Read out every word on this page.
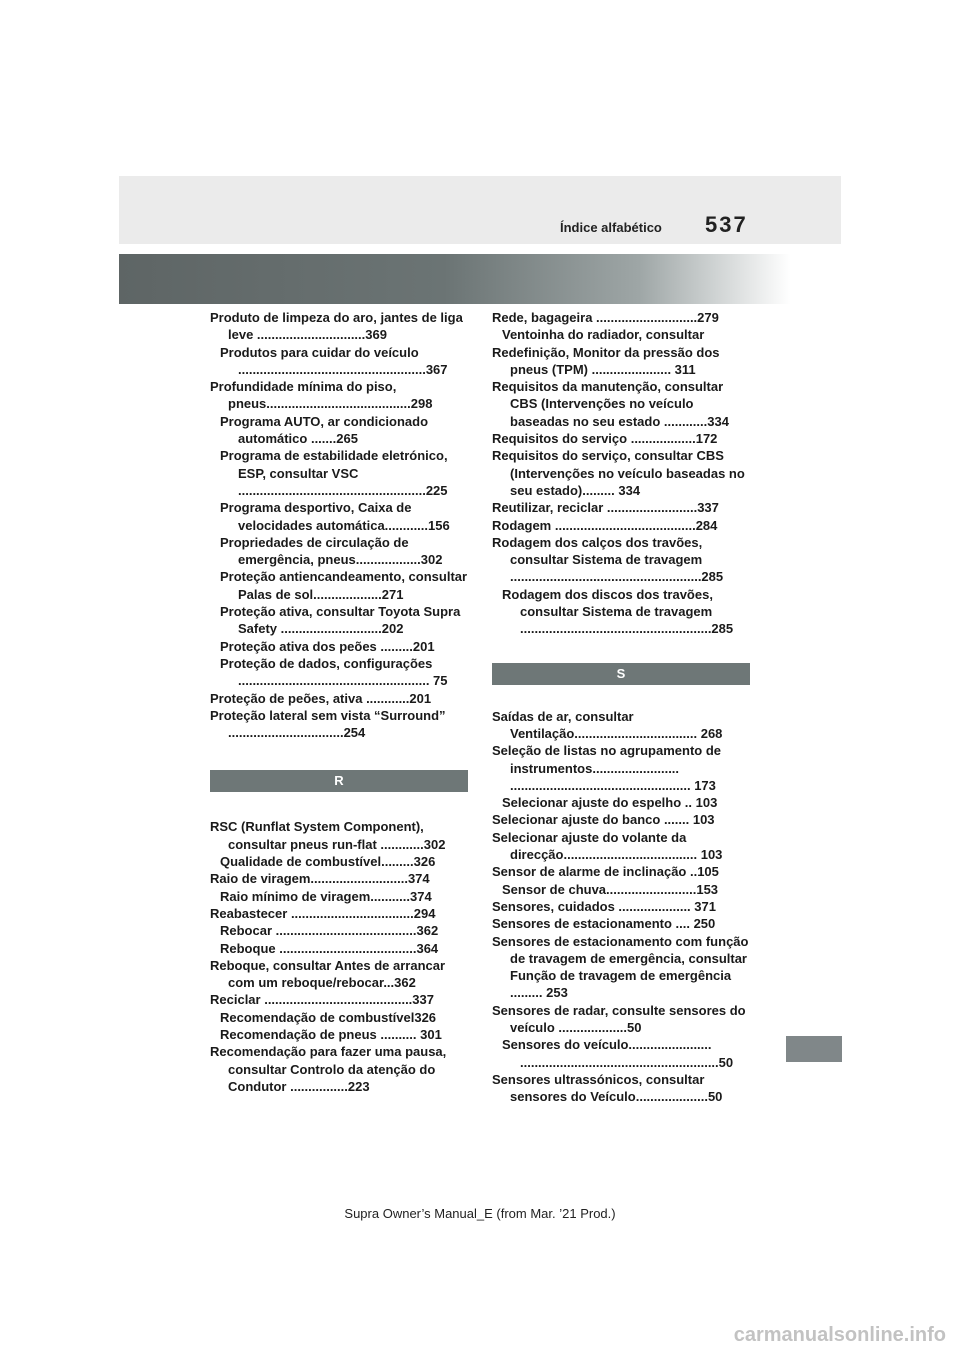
Índice alfabético 537
Produto de limpeza do aro, jantes de liga leve ..............................369
Produtos para cuidar do veículo ....................................................367
Profundidade mínima do piso, pneus........................................298
Programa AUTO, ar condicionado automático .......265
Programa de estabilidade eletrónico, ESP, consultar VSC ....................................................225
Programa desportivo, Caixa de velocidades automática............156
Propriedades de circulação de emergência, pneus..................302
Proteção antiencandeamento, consultar Palas de sol...................271
Proteção ativa, consultar Toyota Supra Safety ............................202
Proteção ativa dos peões .........201
Proteção de dados, configurações ..................................................... 75
Proteção de peões, ativa ............201
Proteção lateral sem vista “Surround” ................................254
R
RSC (Runflat System Component), consultar pneus run-flat ............302
Qualidade de combustível.........326
Raio de viragem...........................374
Raio mínimo de viragem...........374
Reabastecer ..................................294
Rebocar .......................................362
Reboque ......................................364
Reboque, consultar Antes de arrancar com um reboque/rebocar...362
Reciclar .........................................337
Recomendação de combustível326
Recomendação de pneus .......... 301
Recomendação para fazer uma pausa, consultar Controlo da atenção do Condutor ................223
Rede, bagageira ............................279
Ventoinha do radiador, consultar
Redefinição, Monitor da pressão dos pneus (TPM) ...................... 311
Requisitos da manutenção, consultar CBS (Intervenções no veículo baseadas no seu estado ............334
Requisitos do serviço ..................172
Requisitos do serviço, consultar CBS (Intervenções no veículo baseadas no seu estado)......... 334
Reutilizar, reciclar .........................337
Rodagem .......................................284
Rodagem dos calços dos travões, consultar Sistema de travagem .....................................................285
Rodagem dos discos dos travões, consultar Sistema de travagem .....................................................285
S
Saídas de ar, consultar Ventilação.................................. 268
Seleção de listas no agrupamento de instrumentos........................ .................................................. 173
Selecionar ajuste do espelho .. 103
Selecionar ajuste do banco ....... 103
Selecionar ajuste do volante da direcção..................................... 103
Sensor de alarme de inclinação ..105
Sensor de chuva.........................153
Sensores, cuidados .................... 371
Sensores de estacionamento .... 250
Sensores de estacionamento com função de travagem de emergência, consultar Função de travagem de emergência ......... 253
Sensores de radar, consulte sensores do veículo ...................50
Sensores do veículo....................... .......................................................50
Sensores ultrassónicos, consultar sensores do Veículo....................50
Supra Owner’s Manual_E (from Mar. ’21 Prod.)
carmanualsonline.info
